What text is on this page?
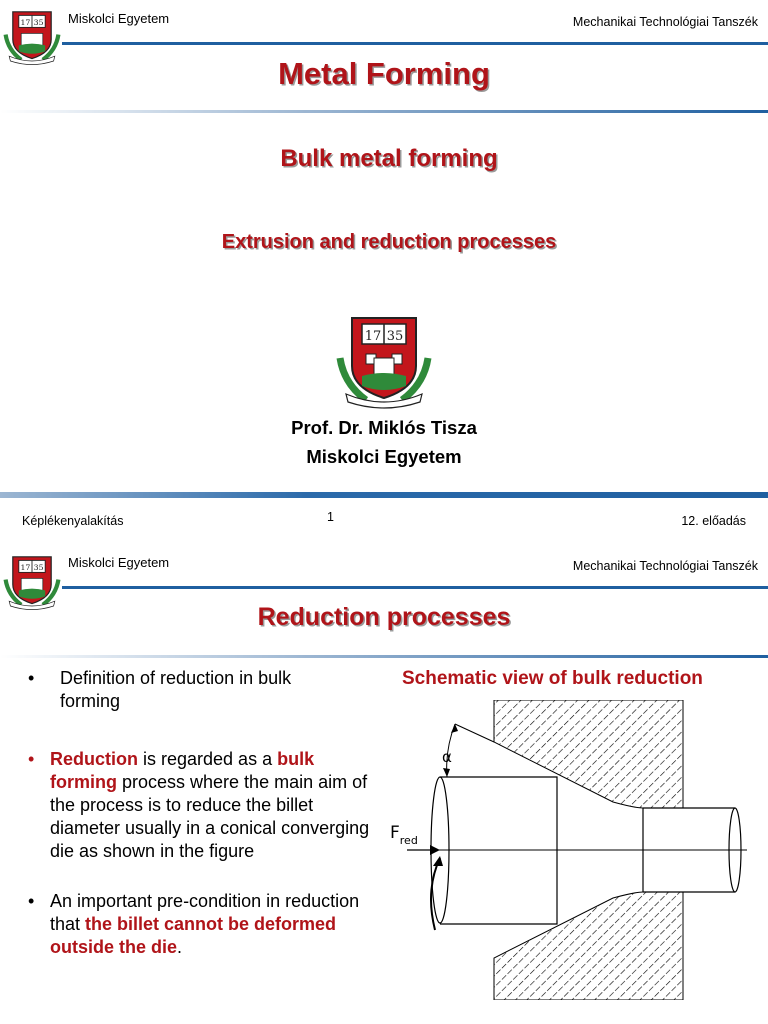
17 35 Miskolci Egyetem	Mechanikai Technológiai Tanszék
Metal Forming
Bulk metal forming
Extrusion and reduction processes
17 35
Prof. Dr. Miklós Tisza
Miskolci Egyetem
Képlékenyalakítás	1	12. előadás
17 35 Miskolci Egyetem	Mechanikai Technológiai Tanszék
Reduction processes
• Definition of reduction in bulk forming
• Reduction is regarded as a bulk forming process where the main aim of the process is to reduce the billet diameter usually in a conical converging die as shown in the figure
• An important pre-condition in reduction that the billet cannot be deformed outside the die.
Schematic view of bulk reduction
α
$F_{red}$
